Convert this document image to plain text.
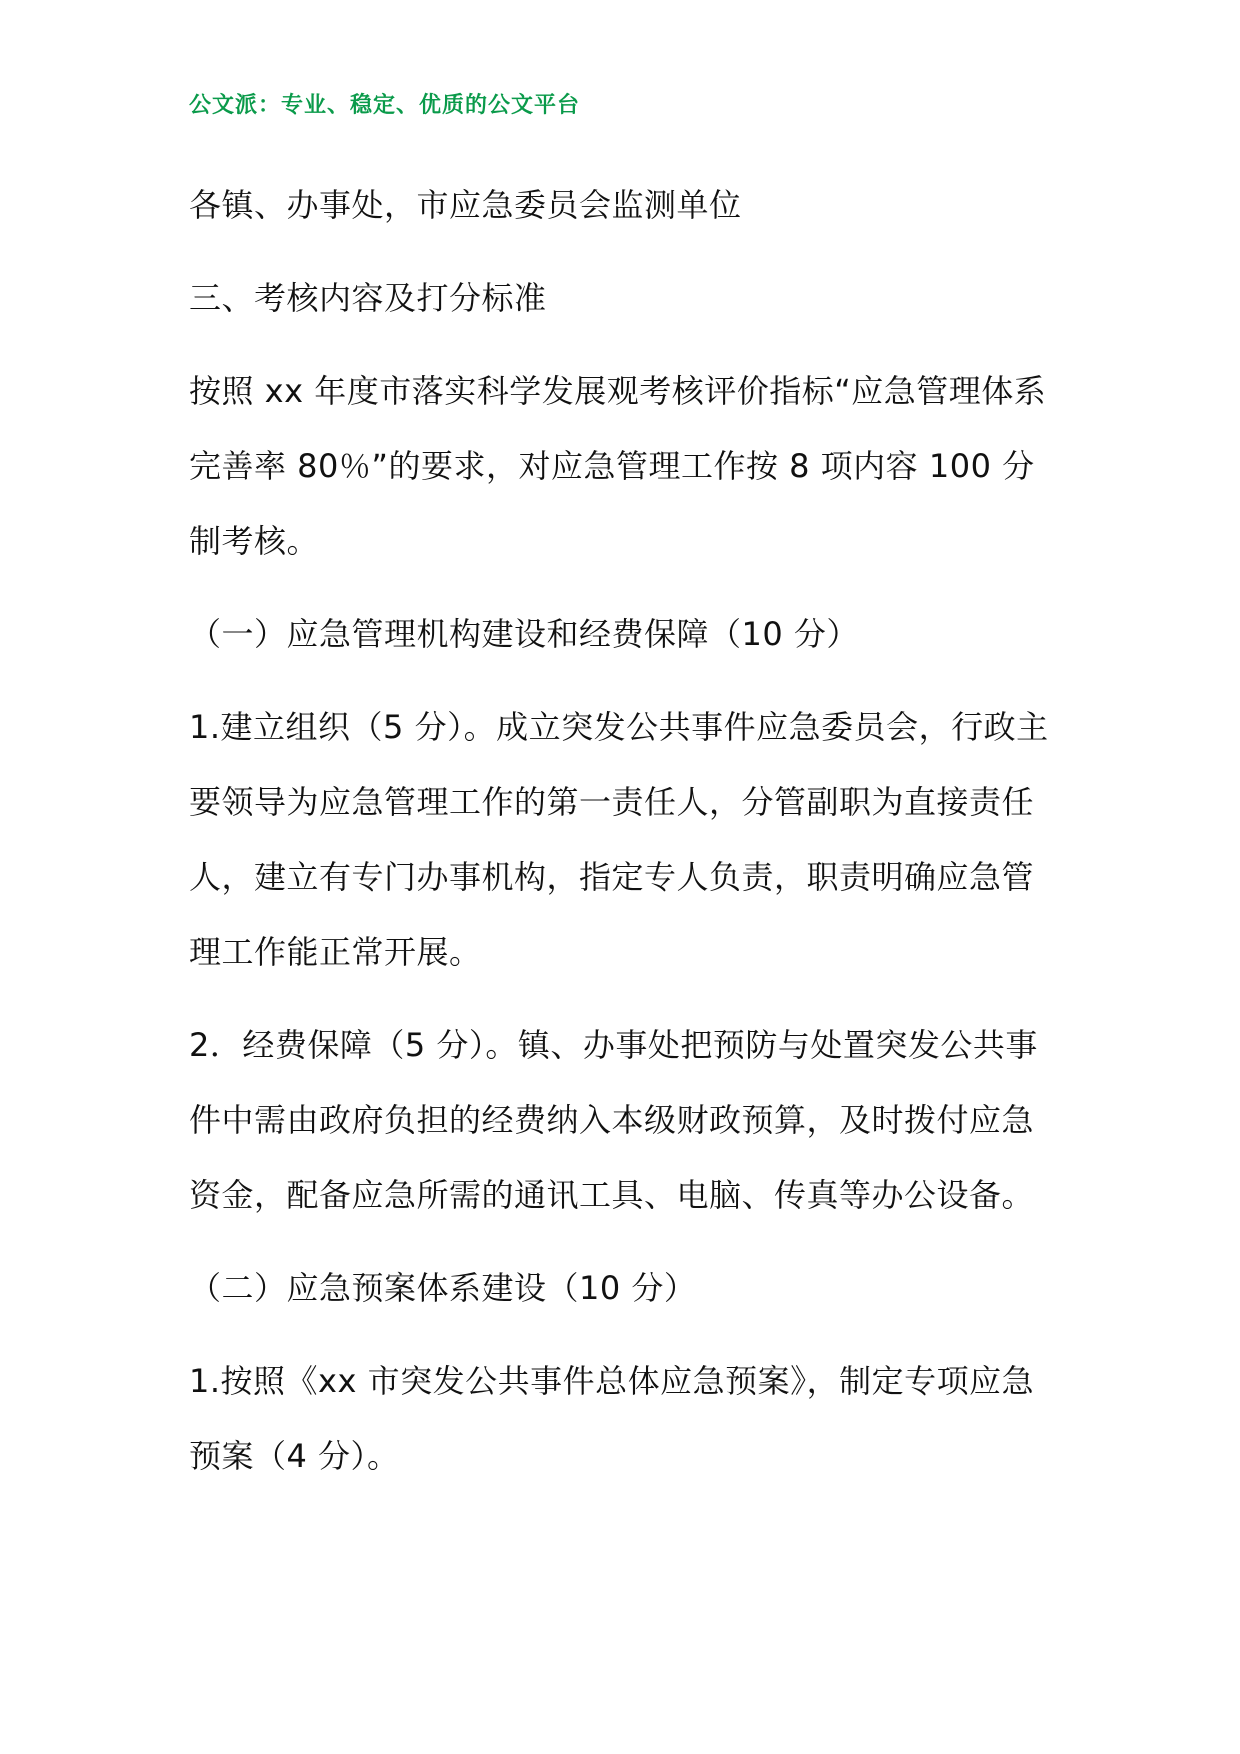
公文派：专业、稳定、优质的公文平台

各镇、办事处，市应急委员会监测单位

三、考核内容及打分标准

按照 xx 年度市落实科学发展观考核评价指标“应急管理体系完善率 80％”的要求，对应急管理工作按 8 项内容 100 分制考核。

（一）应急管理机构建设和经费保障（10 分）

1.建立组织（5 分）。成立突发公共事件应急委员会，行政主要领导为应急管理工作的第一责任人，分管副职为直接责任人，建立有专门办事机构，指定专人负责，职责明确应急管理工作能正常开展。

2．经费保障（5 分）。镇、办事处把预防与处置突发公共事件中需由政府负担的经费纳入本级财政预算，及时拨付应急资金，配备应急所需的通讯工具、电脑、传真等办公设备。

（二）应急预案体系建设（10 分）

1.按照《xx 市突发公共事件总体应急预案》，制定专项应急预案（4 分）。
